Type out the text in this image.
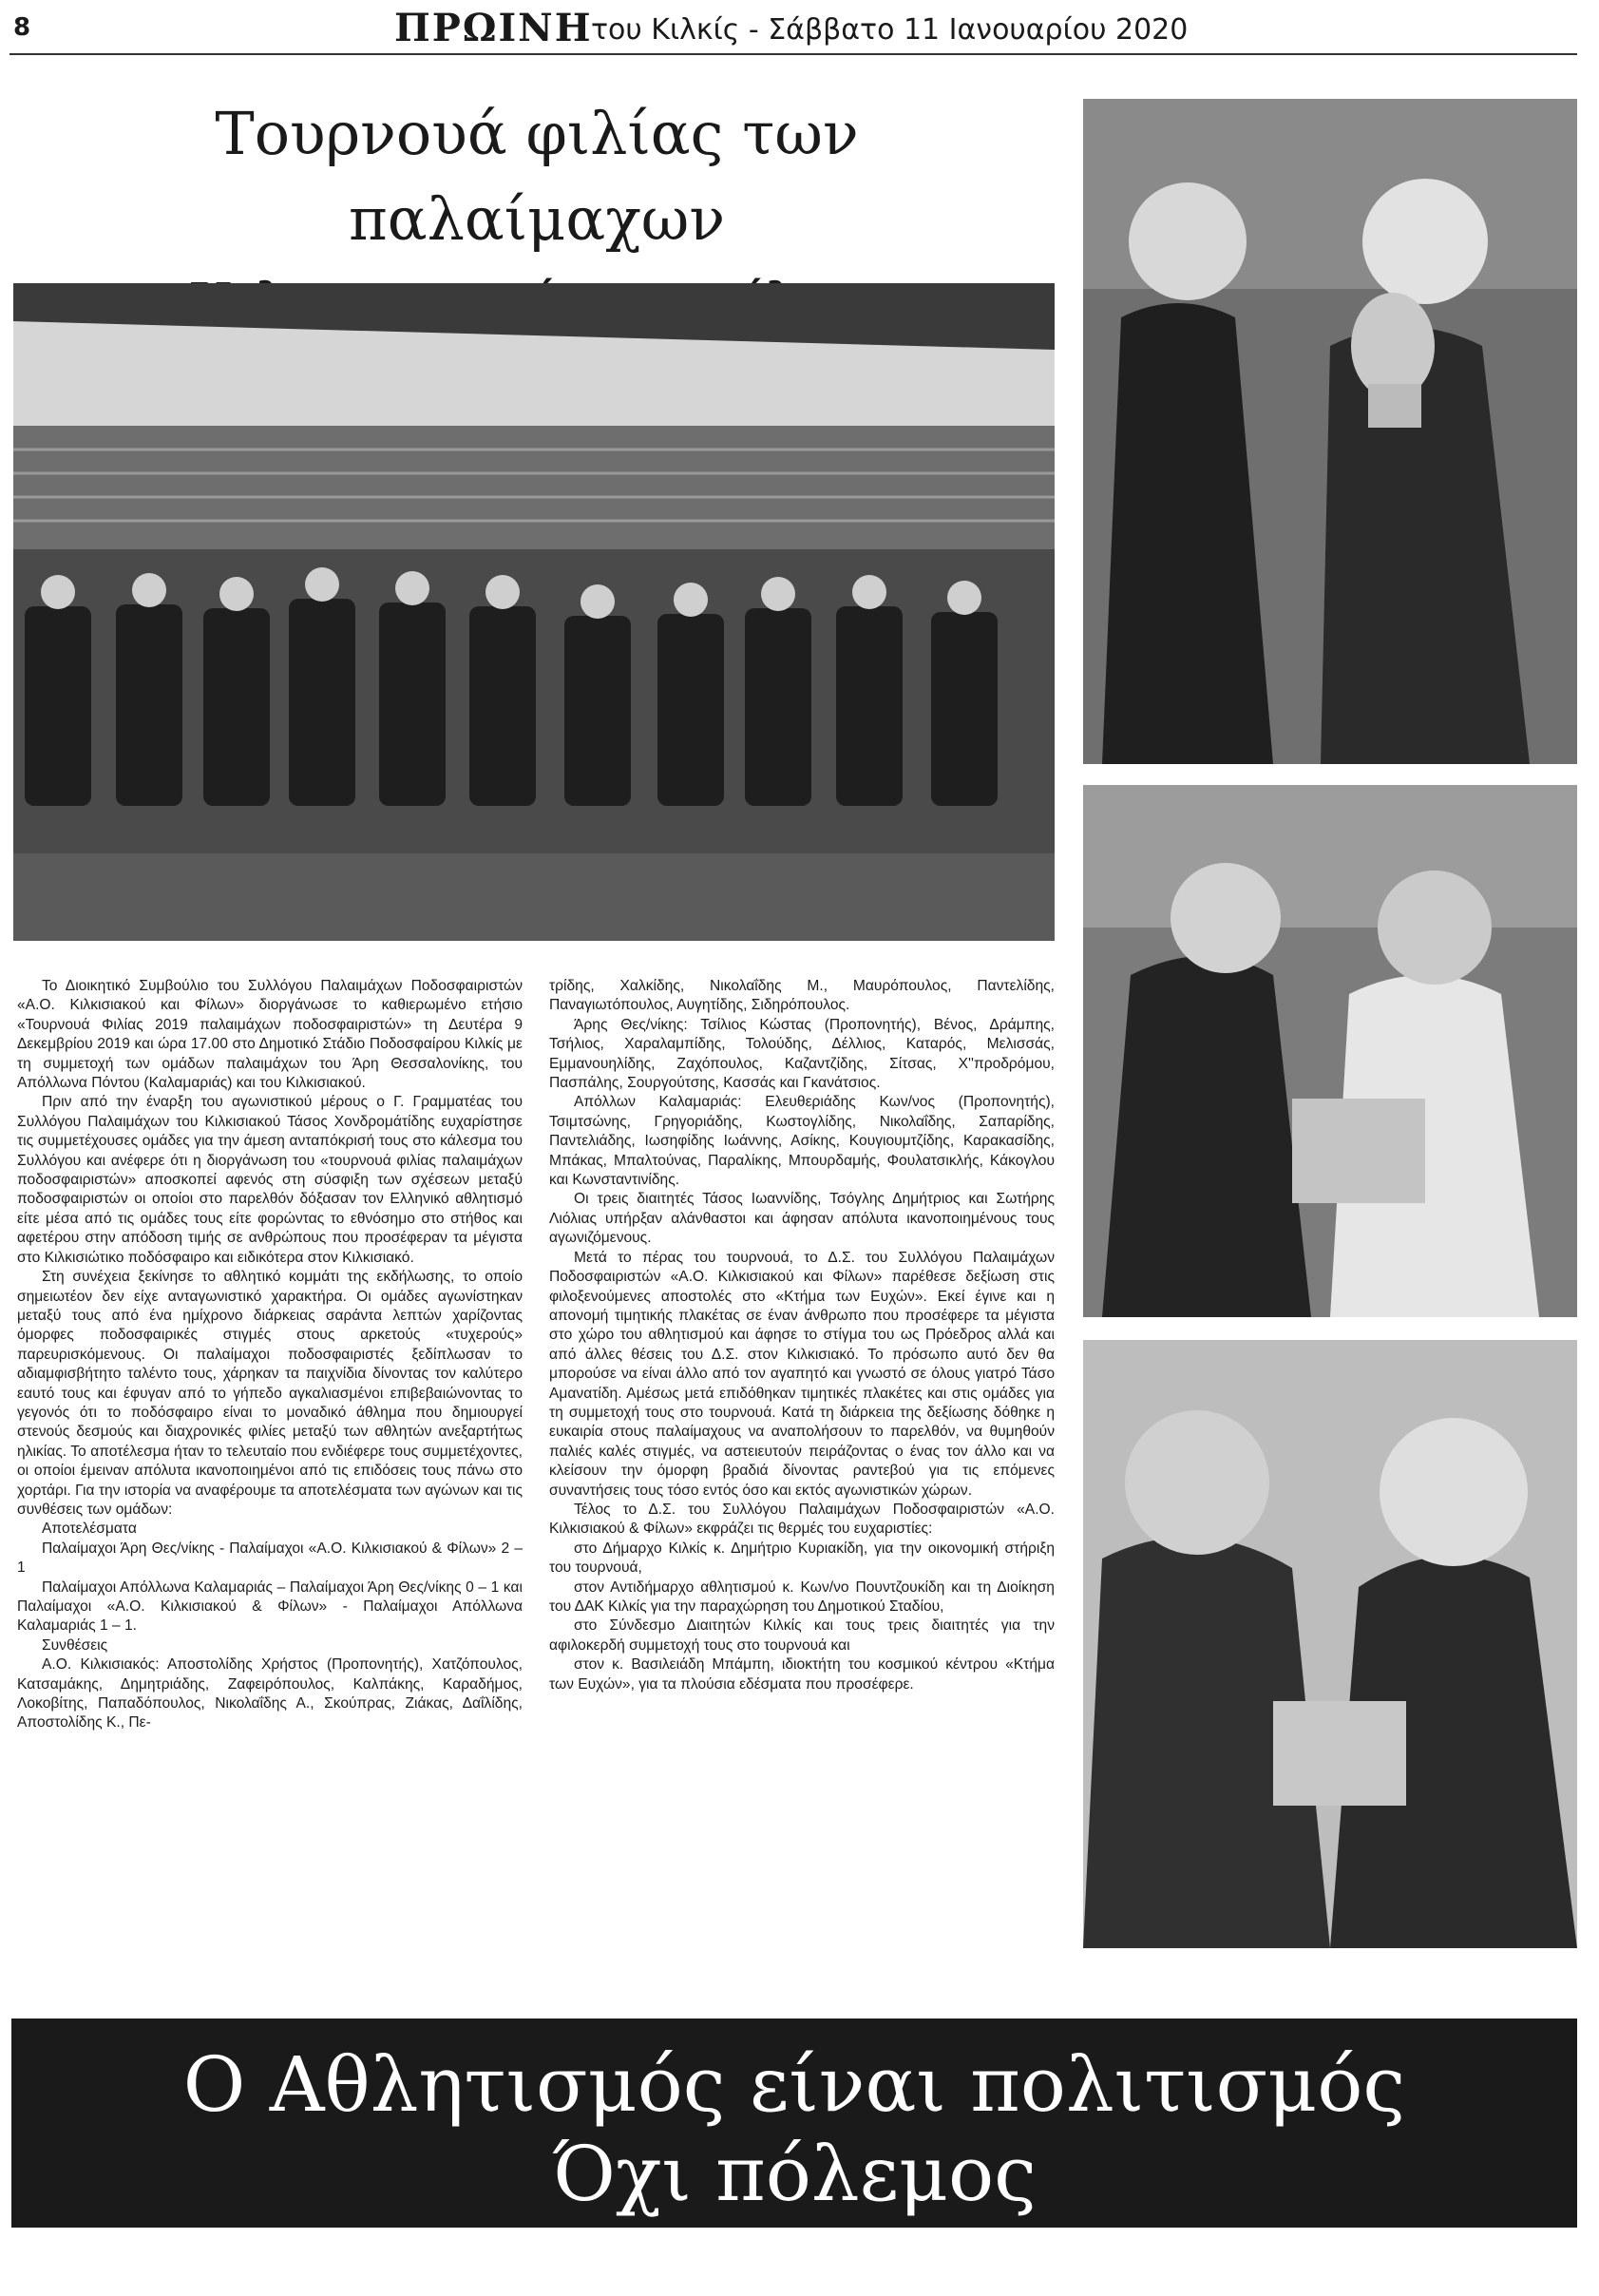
8	ΠΡΩΙΝΗ
του Κιλκίς - Σάββατο 11 Ιανουαρίου 2020
Τουρνουά φιλίας των παλαίμαχων

Το Διοικητικό Συμβούλιο του Συλλόγου Παλαιμάχων Ποδοσφαιριστών «Α.Ο. Κιλκισιακού και Φίλων» διοργάνωσε το καθιερωμένο ετήσιο «Τουρνουά Φιλίας 2019 παλαιμάχων ποδοσφαιριστών» τη Δευτέρα 9 Δεκεμβρίου 2019 και ώρα 17.00 στο Δημοτικό Στάδιο Ποδοσφαίρου Κιλκίς με τη συμμετοχή των ομάδων παλαιμάχων του Άρη Θεσσαλονίκης, του Απόλλωνα Πόντου (Καλαμαριάς) και του Κιλκισιακού.

Πριν από την έναρξη του αγωνιστικού μέρους ο Γ. Γραμματέας του Συλλόγου Παλαιμάχων του Κιλκισιακού Τάσος Χονδρομάτίδης ευχαρίστησε τις συμμετέχουσες ομάδες για την άμεση ανταπόκρισή τους στο κάλεσμα του Συλλόγου και ανέφερε ότι η διοργάνωση του «τουρνουά φιλίας παλαιμάχων ποδοσφαιριστών» αποσκοπεί αφενός στη σύσφιξη των σχέσεων μεταξύ ποδοσφαιριστών οι οποίοι στο παρελθόν δόξασαν τον Ελληνικό αθλητισμό είτε μέσα από τις ομάδες τους είτε φορώντας το εθνόσημο στο στήθος και αφετέρου στην απόδοση τιμής σε ανθρώπους που προσέφεραν τα μέγιστα στο Κιλκισιώτικο ποδόσφαιρο και ειδικότερα στον Κιλκισιακό.

Στη συνέχεια ξεκίνησε το αθλητικό κομμάτι της εκδήλωσης, το οποίο σημειωτέον δεν είχε ανταγωνιστικό χαρακτήρα. Οι ομάδες αγωνίστηκαν μεταξύ τους από ένα ημίχρονο διάρκειας σαράντα λεπτών χαρίζοντας όμορφες ποδοσφαιρικές στιγμές στους αρκετούς «τυχερούς» παρευρισκόμενους. Οι παλαίμαχοι ποδοσφαιριστές ξεδίπλωσαν το αδιαμφισβήτητο ταλέντο τους, χάρηκαν τα παιχνίδια δίνοντας τον καλύτερο εαυτό τους και έφυγαν από το γήπεδο αγκαλιασμένοι επιβεβαιώνοντας το γεγονός ότι το ποδόσφαιρο είναι το μοναδικό άθλημα που δημιουργεί στενούς δεσμούς και διαχρονικές φιλίες μεταξύ των αθλητών ανεξαρτήτως ηλικίας. Το αποτέλεσμα ήταν το τελευταίο που ενδιέφερε τους συμμετέχοντες, οι οποίοι έμειναν απόλυτα ικανοποιημένοι από τις επιδόσεις τους πάνω στο χορτάρι. Για την ιστορία να αναφέρουμε τα αποτελέσματα των αγώνων και τις συνθέσεις των ομάδων:

Αποτελέσματα

Παλαίμαχοι Άρη Θες/νίκης - Παλαίμαχοι «Α.Ο. Κιλκισιακού & Φίλων» 2 – 1

Παλαίμαχοι Απόλλωνα Καλαμαριάς – Παλαίμαχοι Άρη Θες/νίκης 0 – 1 και Παλαίμαχοι «Α.Ο. Κιλκισιακού & Φίλων» - Παλαίμαχοι Απόλλωνα Καλαμαριάς 1 – 1.

Συνθέσεις

Α.Ο. Κιλκισιακός: Αποστολίδης Χρήστος (Προπονητής), Χατζόπουλος, Κατσαμάκης, Δημητριάδης, Ζαφειρόπουλος, Καλπάκης, Καραδήμος, Λοκοβίτης, Παπαδόπουλος, Νικολαΐδης Α., Σκούπρας, Ζιάκας, Δαΐλίδης, Αποστολίδης Κ., Πε-

τρίδης, Χαλκίδης, Νικολαΐδης Μ., Μαυρόπουλος, Παντελίδης, Παναγιωτόπουλος, Αυγητίδης, Σιδηρόπουλος.

Άρης Θες/νίκης: Τσίλιος Κώστας (Προπονητής), Βένος, Δράμπης, Τσήλιος, Χαραλαμπίδης, Τολούδης, Δέλλιος, Καταρός, Μελισσάς, Εμμανουηλίδης, Ζαχόπουλος, Καζαντζίδης, Σίτσας, Χ''προδρόμου, Πασπάλης, Σουργούτσης, Κασσάς και Γκανάτσιος.

Απόλλων Καλαμαριάς: Ελευθεριάδης Κων/νος (Προπονητής), Τσιμτσώνης, Γρηγοριάδης, Κωστογλίδης, Νικολαΐδης, Σαπαρίδης, Παντελιάδης, Ιωσηφίδης Ιωάννης, Ασίκης, Κουγιουμτζίδης, Καρακασίδης, Μπάκας, Μπαλτούνας, Παραλίκης, Μπουρδαμής, Φουλατσικλής, Κάκογλου και Κωνσταντινίδης.

Οι τρεις διαιτητές Τάσος Ιωαννίδης, Τσόγλης Δημήτριος και Σωτήρης Λιόλιας υπήρξαν αλάνθαστοι και άφησαν απόλυτα ικανοποιημένους τους αγωνιζόμενους.

Μετά το πέρας του τουρνουά, το Δ.Σ. του Συλλόγου Παλαιμάχων Ποδοσφαιριστών «Α.Ο. Κιλκισιακού και Φίλων» παρέθεσε δεξίωση στις φιλοξενούμενες αποστολές στο «Κτήμα των Ευχών». Εκεί έγινε και η απονομή τιμητικής πλακέτας σε έναν άνθρωπο που προσέφερε τα μέγιστα στο χώρο του αθλητισμού και άφησε το στίγμα του ως Πρόεδρος αλλά και από άλλες θέσεις του Δ.Σ. στον Κιλκισιακό. Το πρόσωπο αυτό δεν θα μπορούσε να είναι άλλο από τον αγαπητό και γνωστό σε όλους γιατρό Τάσο Αμανατίδη. Αμέσως μετά επιδόθηκαν τιμητικές πλακέτες και στις ομάδες για τη συμμετοχή τους στο τουρνουά. Κατά τη διάρκεια της δεξίωσης δόθηκε η ευκαιρία στους παλαίμαχους να αναπολήσουν το παρελθόν, να θυμηθούν παλιές καλές στιγμές, να αστειευτούν πειράζοντας ο ένας τον άλλο και να κλείσουν την όμορφη βραδιά δίνοντας ραντεβού για τις επόμενες συναντήσεις τους τόσο εντός όσο και εκτός αγωνιστικών χώρων.

Τέλος το Δ.Σ. του Συλλόγου Παλαιμάχων Ποδοσφαιριστών «Α.Ο. Κιλκισιακού & Φίλων» εκφράζει τις θερμές του ευχαριστίες:

στο Δήμαρχο Κιλκίς κ. Δημήτριο Κυριακίδη, για την οικονομική στήριξη του τουρνουά,

στον Αντιδήμαρχο αθλητισμού κ. Κων/νο Πουντζουκίδη και τη Διοίκηση του ΔΑΚ Κιλκίς για την παραχώρηση του Δημοτικού Σταδίου,

στο Σύνδεσμο Διαιτητών Κιλκίς και τους τρεις διαιτητές για την αφιλοκερδή συμμετοχή τους στο τουρνουά και

στον κ. Βασιλειάδη Μπάμπη, ιδιοκτήτη του κοσμικού κέντρου «Κτήμα των Ευχών», για τα πλούσια εδέσματα που προσέφερε.

Ο Αθλητισμός είναι πολιτισμός
Όχι πόλεμος
